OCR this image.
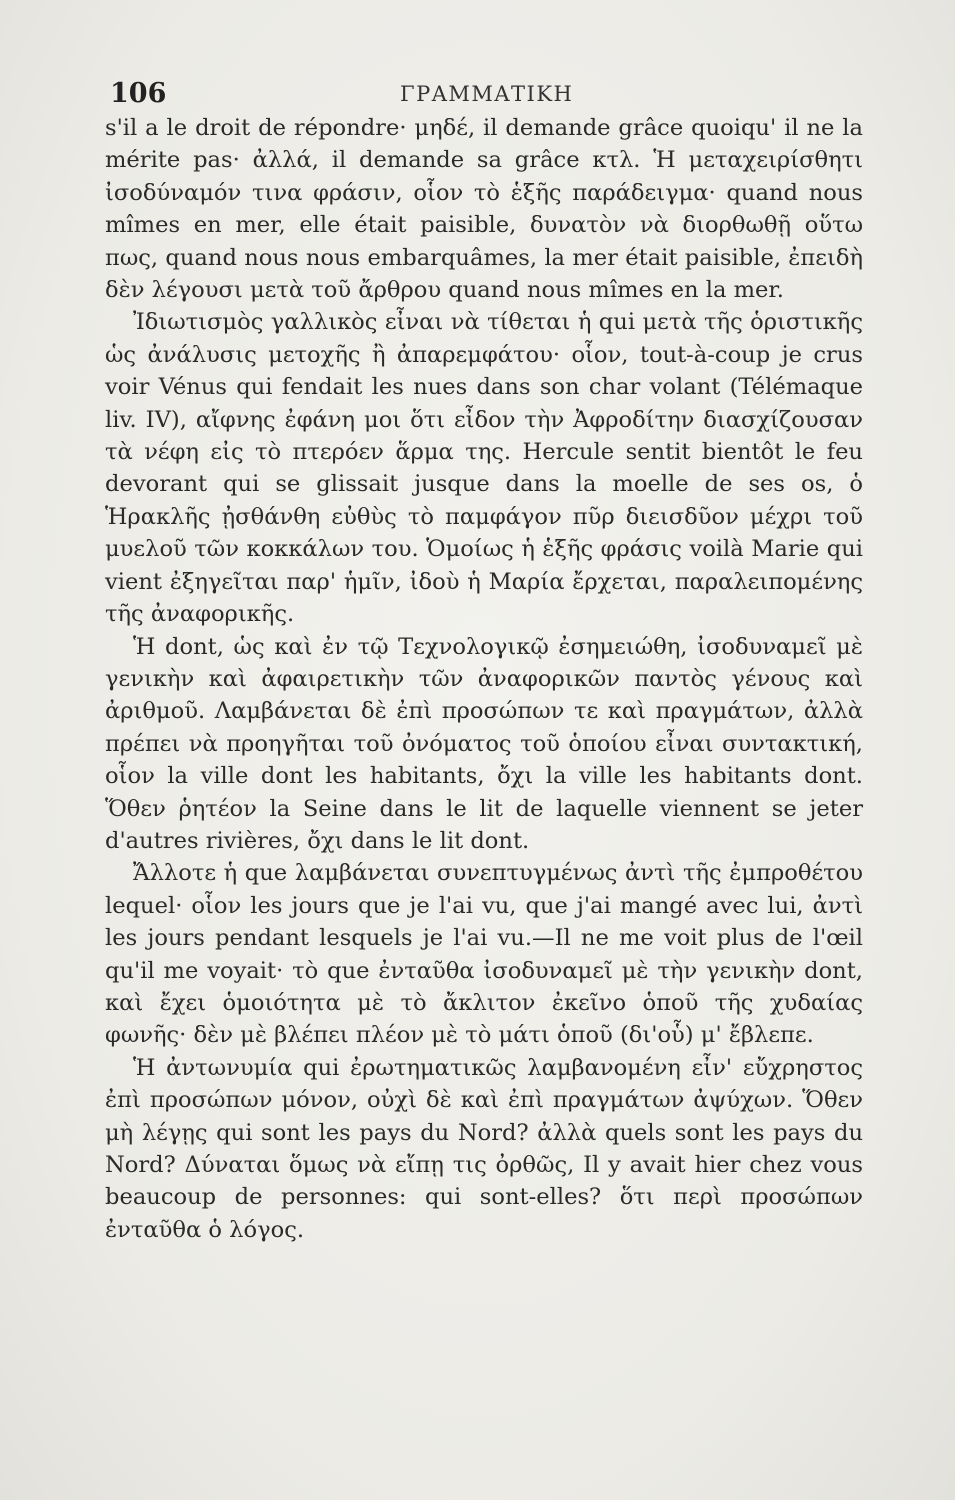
106	ΓΡΑΜΜΑΤΙΚΗ

s'il a le droit de répondre· μηδέ, il demande grâce quoiqu' il ne la mérite pas· ἀλλά, il demande sa grâce κτλ. Ἡ μεταχειρίσθητι ἰσοδύναμόν τινα φράσιν, οἷον τὸ ἑξῆς παράδειγμα· quand nous mîmes en mer, elle était paisible, δυνατὸν νὰ διορθωθῇ οὕτω πως, quand nous nous embarquâmes, la mer était paisible, ἐπειδὴ δὲν λέγουσι μετὰ τοῦ ἄρθρου quand nous mîmes en la mer.

Ἰδιωτισμὸς γαλλικὸς εἶναι νὰ τίθεται ἡ qui μετὰ τῆς ὁριστικῆς ὡς ἀνάλυσις μετοχῆς ἢ ἀπαρεμφάτου· οἷον, tout-à-coup je crus voir Vénus qui fendait les nues dans son char volant (Télémaque liv. IV), αἴφνης ἐφάνη μοι ὅτι εἶδον τὴν Ἀφροδίτην διασχίζουσαν τὰ νέφη εἰς τὸ πτερόεν ἅρμα της. Hercule sentit bientôt le feu devorant qui se glissait jusque dans la moelle de ses os, ὁ Ἡρακλῆς ᾐσθάνθη εὐθὺς τὸ παμφάγον πῦρ διεισδῦον μέχρι τοῦ μυελοῦ τῶν κοκκάλων του. Ὁμοίως ἡ ἑξῆς φράσις voilà Marie qui vient ἐξηγεῖται παρ' ἡμῖν, ἰδοὺ ἡ Μαρία ἔρχεται, παραλειπομένης τῆς ἀναφορικῆς.

Ἡ dont, ὡς καὶ ἐν τῷ Τεχνολογικῷ ἐσημειώθη, ἰσοδυναμεῖ μὲ γενικὴν καὶ ἀφαιρετικὴν τῶν ἀναφορικῶν παντὸς γένους καὶ ἀριθμοῦ. Λαμβάνεται δὲ ἐπὶ προσώπων τε καὶ πραγμάτων, ἀλλὰ πρέπει νὰ προηγῆται τοῦ ὀνόματος τοῦ ὁποίου εἶναι συντακτική, οἷον la ville dont les habitants, ὄχι la ville les habitants dont. Ὅθεν ῥητέον la Seine dans le lit de laquelle viennent se jeter d'autres rivières, ὄχι dans le lit dont.

Ἄλλοτε ἡ que λαμβάνεται συνεπτυγμένως ἀντὶ τῆς ἐμπροθέτου lequel· οἷον les jours que je l'ai vu, que j'ai mangé avec lui, ἀντὶ les jours pendant lesquels je l'ai vu.—Il ne me voit plus de l'œil qu'il me voyait· τὸ que ἐνταῦθα ἰσοδυναμεῖ μὲ τὴν γενικὴν dont, καὶ ἔχει ὁμοιότητα μὲ τὸ ἄκλιτον ἐκεῖνο ὁποῦ τῆς χυδαίας φωνῆς· δὲν μὲ βλέπει πλέον μὲ τὸ μάτι ὁποῦ (δι'οὗ) μ' ἔβλεπε.

Ἡ ἀντωνυμία qui ἐρωτηματικῶς λαμβανομένη εἶν' εὔχρηστος ἐπὶ προσώπων μόνον, οὐχὶ δὲ καὶ ἐπὶ πραγμάτων ἀψύχων. Ὅθεν μὴ λέγῃς qui sont les pays du Nord? ἀλλὰ quels sont les pays du Nord? Δύναται ὅμως νὰ εἴπῃ τις ὀρθῶς, Il y avait hier chez vous beaucoup de personnes: qui sont-elles? ὅτι περὶ προσώπων ἐνταῦθα ὁ λόγος.
